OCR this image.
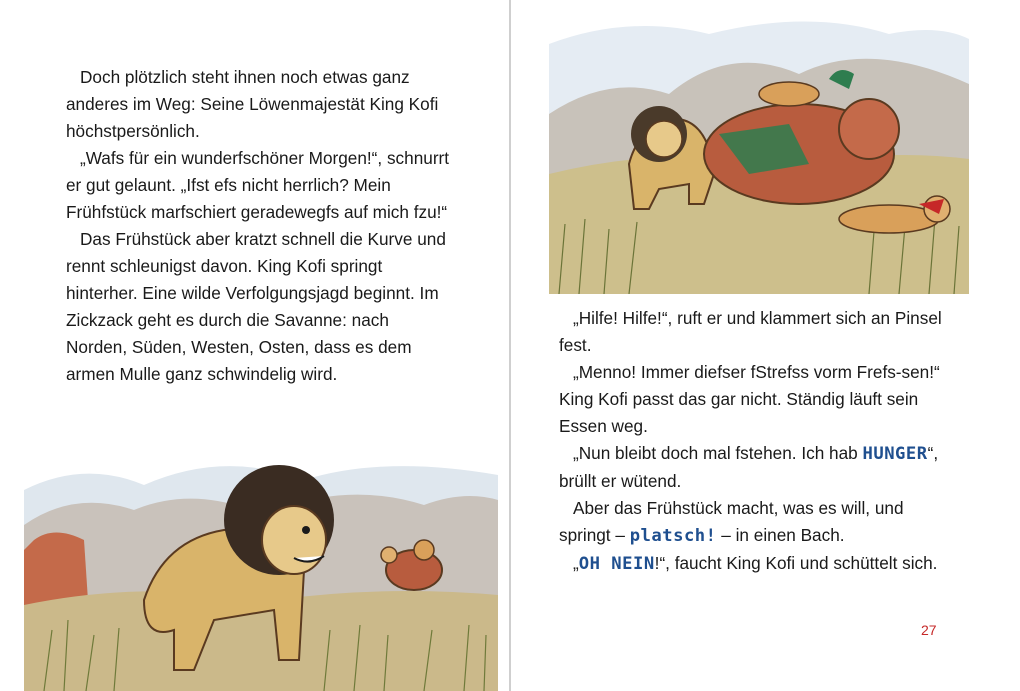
Doch plötzlich steht ihnen noch etwas ganz anderes im Weg: Seine Löwenmajestät King Kofi höchstpersönlich.

„Wafs für ein wunderfschöner Morgen!“, schnurrt er gut gelaunt. „Ifst efs nicht herrlich? Mein Frühfstück marfschiert geradewegfs auf mich fzu!“

Das Frühstück aber kratzt schnell die Kurve und rennt schleunigst davon. King Kofi springt hinterher. Eine wilde Verfolgungsjagd beginnt. Im Zickzack geht es durch die Savanne: nach Norden, Süden, Westen, Osten, dass es dem armen Mulle ganz schwindelig wird.

„Hilfe! Hilfe!“, ruft er und klammert sich an Pinsel fest.

„Menno! Immer diefser fStrefss vorm Frefs-sen!“ King Kofi passt das gar nicht. Ständig läuft sein Essen weg.

„Nun bleibt doch mal fstehen. Ich hab HUNGER“, brüllt er wütend.

Aber das Frühstück macht, was es will, und springt – platsch! – in einen Bach.

„OH NEIN!“, faucht King Kofi und schüttelt sich.

27
